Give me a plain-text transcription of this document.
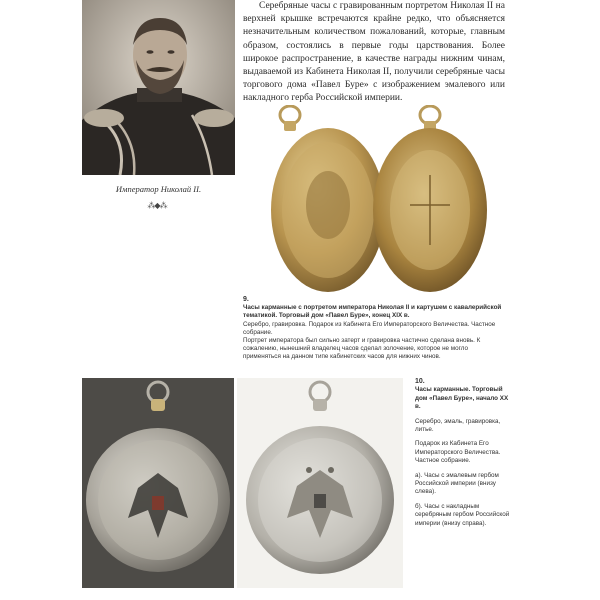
Император Николай II.
⁂◆⁂

Серебряные часы с гравированным портретом Николая II на верхней крышке встречаются крайне редко, что объясняется незначительным количеством пожалований, которые, главным образом, состоялись в первые годы царствования. Более широкое распространение, в качестве награды нижним чинам, выдаваемой из Кабинета Николая II, получили серебряные часы торгового дома «Павел Буре» с изображением эмалевого или накладного герба Российской империи.

9.

Часы карманные с портретом императора Николая II и картушем с кавалерийской тематикой. Торговый дом «Павел Буре», конец XIX в.

Серебро, гравировка. Подарок из Кабинета Его Императорского Величества. Частное собрание.

Портрет императора был сильно затерт и гравировка частично сделана вновь. К сожалению, нынешний владелец часов сделал золочение, которое не могло применяться на данном типе кабинетских часов для нижних чинов.

10.

Часы карманные. Торговый дом «Павел Буре», начало XX в.

Серебро, эмаль, гравировка, литье.

Подарок из Кабинета Его Императорского Величества. Частное собрание.

а). Часы с эмалевым гербом Российской империи (внизу слева).

б). Часы с накладным серебряным гербом Российской империи (внизу справа).
